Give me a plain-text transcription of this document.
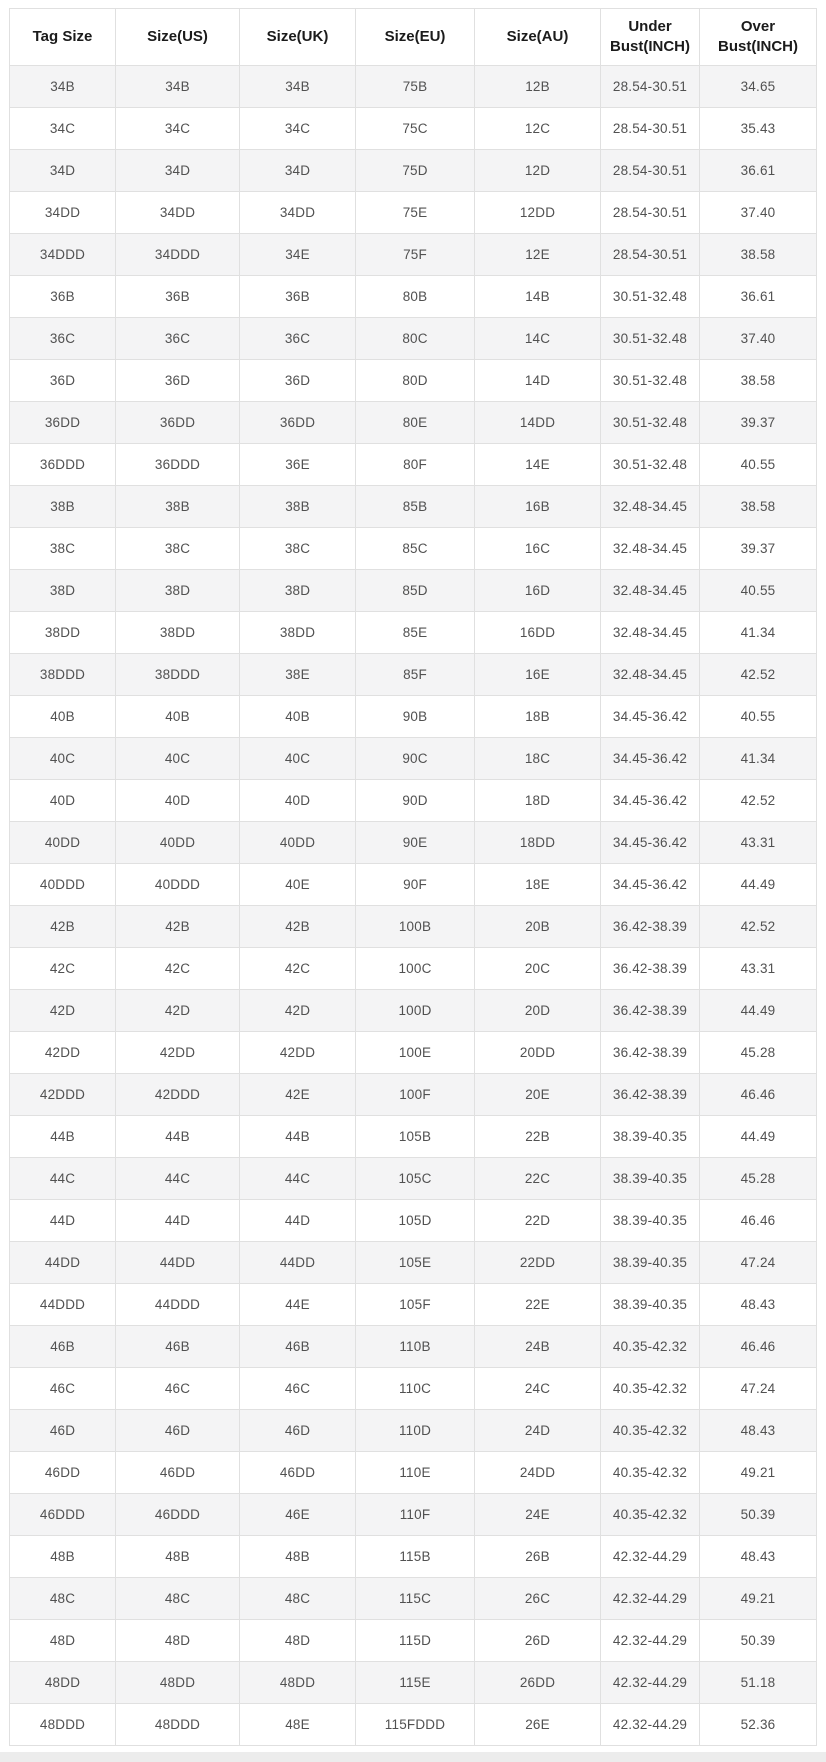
Tag Size	Size(US)	Size(UK)	Size(EU)	Size(AU)	Under Bust(INCH)	Over Bust(INCH)
34B	34B	34B	75B	12B	28.54-30.51	34.65
34C	34C	34C	75C	12C	28.54-30.51	35.43
34D	34D	34D	75D	12D	28.54-30.51	36.61
34DD	34DD	34DD	75E	12DD	28.54-30.51	37.40
34DDD	34DDD	34E	75F	12E	28.54-30.51	38.58
36B	36B	36B	80B	14B	30.51-32.48	36.61
36C	36C	36C	80C	14C	30.51-32.48	37.40
36D	36D	36D	80D	14D	30.51-32.48	38.58
36DD	36DD	36DD	80E	14DD	30.51-32.48	39.37
36DDD	36DDD	36E	80F	14E	30.51-32.48	40.55
38B	38B	38B	85B	16B	32.48-34.45	38.58
38C	38C	38C	85C	16C	32.48-34.45	39.37
38D	38D	38D	85D	16D	32.48-34.45	40.55
38DD	38DD	38DD	85E	16DD	32.48-34.45	41.34
38DDD	38DDD	38E	85F	16E	32.48-34.45	42.52
40B	40B	40B	90B	18B	34.45-36.42	40.55
40C	40C	40C	90C	18C	34.45-36.42	41.34
40D	40D	40D	90D	18D	34.45-36.42	42.52
40DD	40DD	40DD	90E	18DD	34.45-36.42	43.31
40DDD	40DDD	40E	90F	18E	34.45-36.42	44.49
42B	42B	42B	100B	20B	36.42-38.39	42.52
42C	42C	42C	100C	20C	36.42-38.39	43.31
42D	42D	42D	100D	20D	36.42-38.39	44.49
42DD	42DD	42DD	100E	20DD	36.42-38.39	45.28
42DDD	42DDD	42E	100F	20E	36.42-38.39	46.46
44B	44B	44B	105B	22B	38.39-40.35	44.49
44C	44C	44C	105C	22C	38.39-40.35	45.28
44D	44D	44D	105D	22D	38.39-40.35	46.46
44DD	44DD	44DD	105E	22DD	38.39-40.35	47.24
44DDD	44DDD	44E	105F	22E	38.39-40.35	48.43
46B	46B	46B	110B	24B	40.35-42.32	46.46
46C	46C	46C	110C	24C	40.35-42.32	47.24
46D	46D	46D	110D	24D	40.35-42.32	48.43
46DD	46DD	46DD	110E	24DD	40.35-42.32	49.21
46DDD	46DDD	46E	110F	24E	40.35-42.32	50.39
48B	48B	48B	115B	26B	42.32-44.29	48.43
48C	48C	48C	115C	26C	42.32-44.29	49.21
48D	48D	48D	115D	26D	42.32-44.29	50.39
48DD	48DD	48DD	115E	26DD	42.32-44.29	51.18
48DDD	48DDD	48E	115FDDD	26E	42.32-44.29	52.36
